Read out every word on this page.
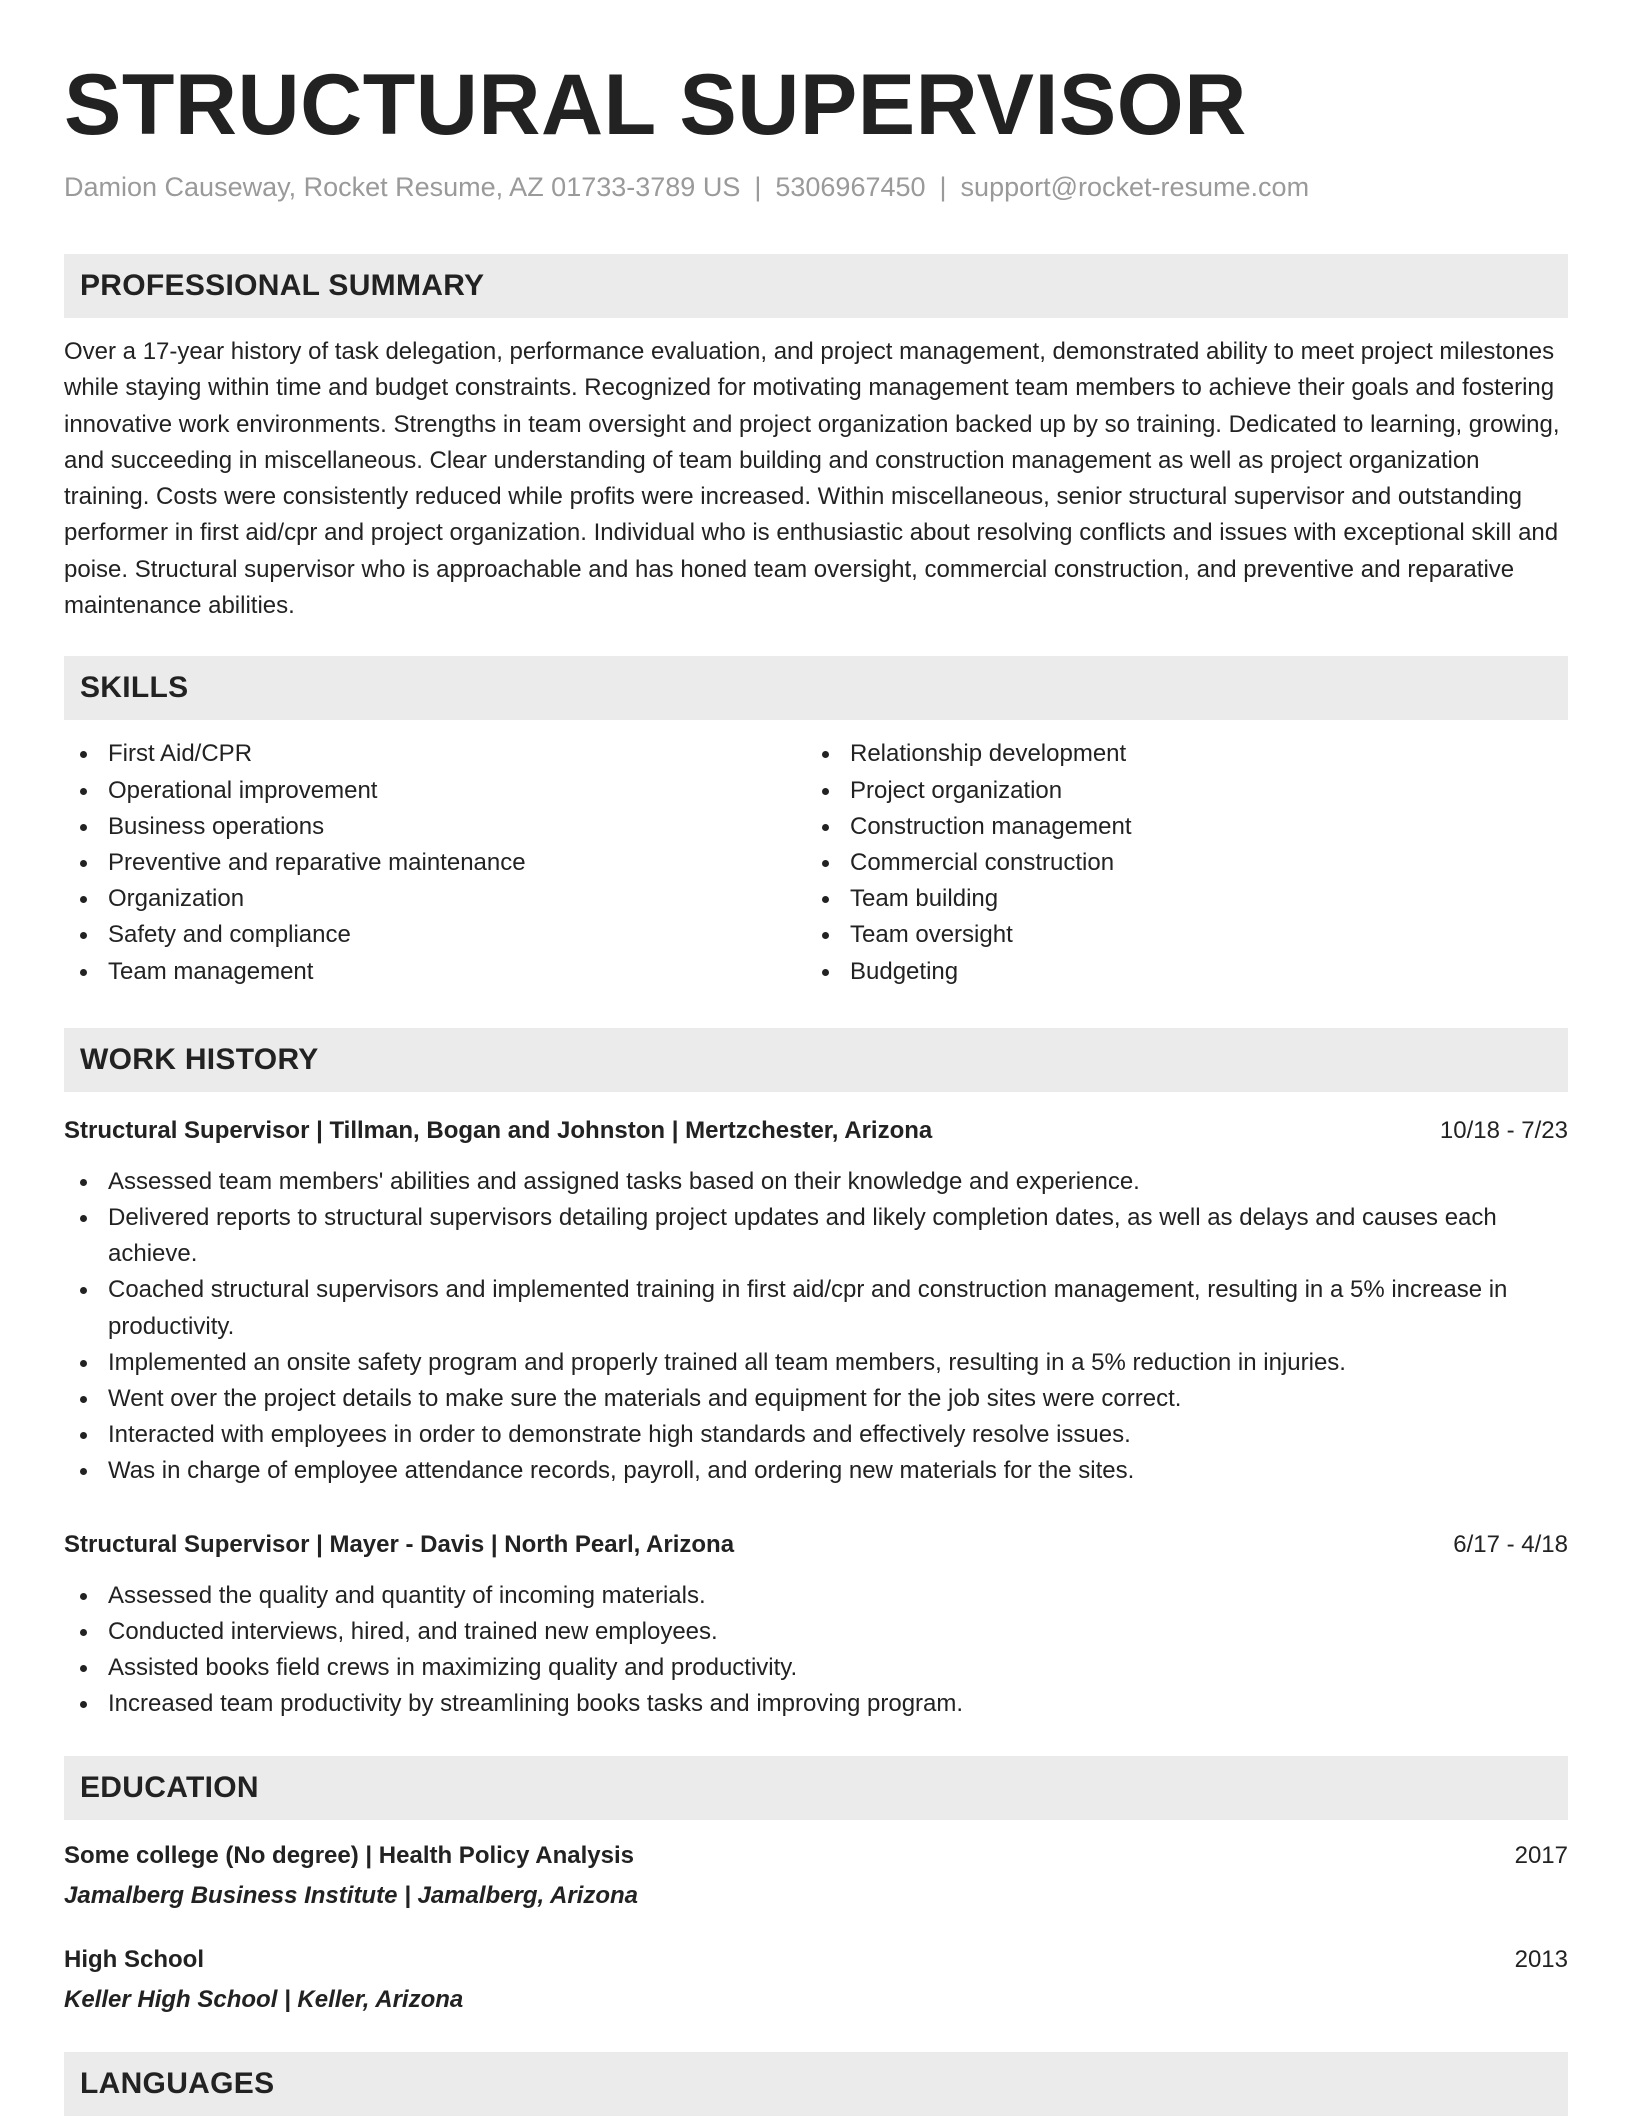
STRUCTURAL SUPERVISOR
Damion Causeway, Rocket Resume, AZ 01733-3789 US | 5306967450 | support@rocket-resume.com
PROFESSIONAL SUMMARY
Over a 17-year history of task delegation, performance evaluation, and project management, demonstrated ability to meet project milestones while staying within time and budget constraints. Recognized for motivating management team members to achieve their goals and fostering innovative work environments. Strengths in team oversight and project organization backed up by so training. Dedicated to learning, growing, and succeeding in miscellaneous. Clear understanding of team building and construction management as well as project organization training. Costs were consistently reduced while profits were increased. Within miscellaneous, senior structural supervisor and outstanding performer in first aid/cpr and project organization. Individual who is enthusiastic about resolving conflicts and issues with exceptional skill and poise. Structural supervisor who is approachable and has honed team oversight, commercial construction, and preventive and reparative maintenance abilities.
SKILLS
First Aid/CPR
Operational improvement
Business operations
Preventive and reparative maintenance
Organization
Safety and compliance
Team management
Relationship development
Project organization
Construction management
Commercial construction
Team building
Team oversight
Budgeting
WORK HISTORY
Structural Supervisor | Tillman, Bogan and Johnston | Mertzchester, Arizona	10/18 - 7/23
Assessed team members' abilities and assigned tasks based on their knowledge and experience.
Delivered reports to structural supervisors detailing project updates and likely completion dates, as well as delays and causes each achieve.
Coached structural supervisors and implemented training in first aid/cpr and construction management, resulting in a 5% increase in productivity.
Implemented an onsite safety program and properly trained all team members, resulting in a 5% reduction in injuries.
Went over the project details to make sure the materials and equipment for the job sites were correct.
Interacted with employees in order to demonstrate high standards and effectively resolve issues.
Was in charge of employee attendance records, payroll, and ordering new materials for the sites.
Structural Supervisor | Mayer - Davis | North Pearl, Arizona	6/17 - 4/18
Assessed the quality and quantity of incoming materials.
Conducted interviews, hired, and trained new employees.
Assisted books field crews in maximizing quality and productivity.
Increased team productivity by streamlining books tasks and improving program.
EDUCATION
Some college (No degree) | Health Policy Analysis	2017
Jamalberg Business Institute | Jamalberg, Arizona
High School	2013
Keller High School | Keller, Arizona
LANGUAGES
